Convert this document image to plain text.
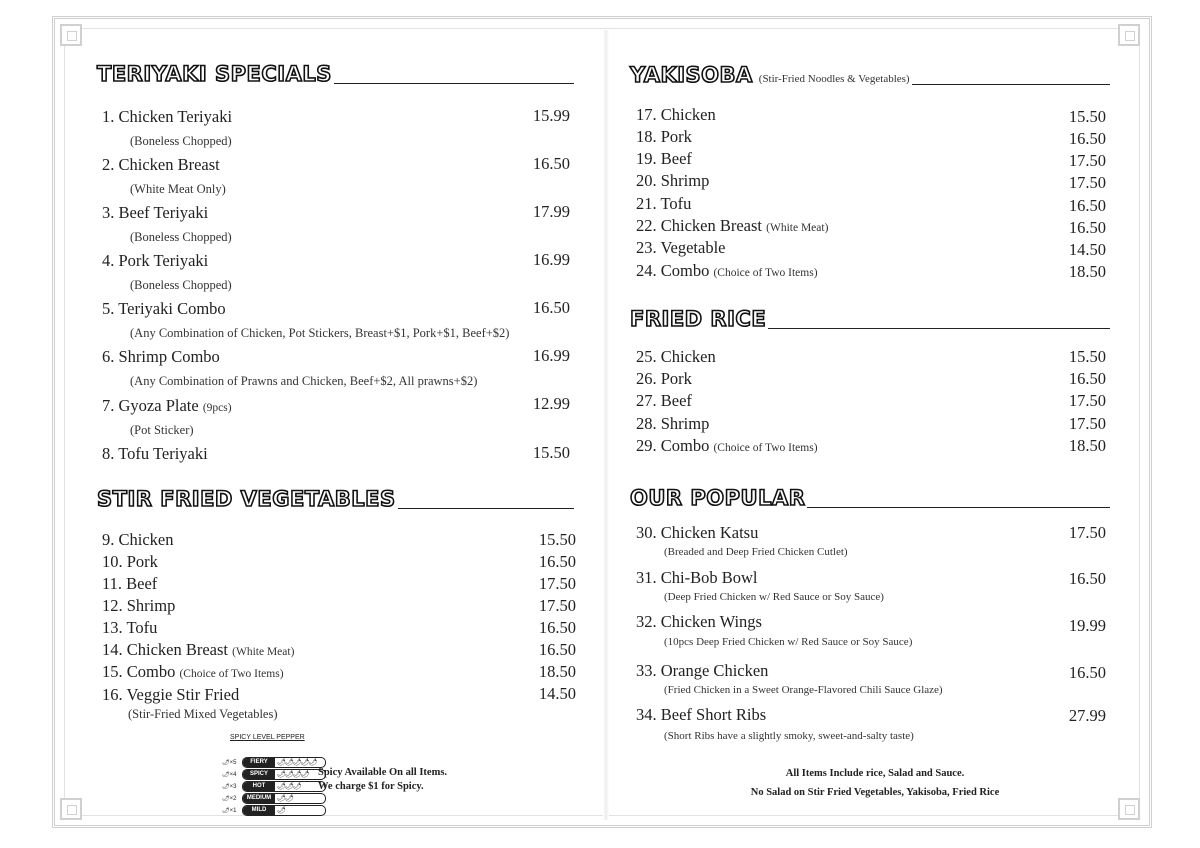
TERIYAKI SPECIALS
1. Chicken Teriyaki	15.99
(Boneless Chopped)
2. Chicken Breast	16.50
(White Meat Only)
3. Beef Teriyaki	17.99
(Boneless Chopped)
4. Pork Teriyaki	16.99
(Boneless Chopped)
5. Teriyaki Combo	16.50
(Any Combination of Chicken, Pot Stickers, Breast+$1, Pork+$1, Beef+$2)
6. Shrimp Combo	16.99
(Any Combination of Prawns and Chicken, Beef+$2, All prawns+$2)
7. Gyoza Plate (9pcs)	12.99
(Pot Sticker)
8. Tofu Teriyaki	15.50
STIR FRIED VEGETABLES
9. Chicken	15.50
10. Pork	16.50
11. Beef	17.50
12. Shrimp	17.50
13. Tofu	16.50
14. Chicken Breast (White Meat)	16.50
15. Combo (Choice of Two Items)	18.50
16. Veggie Stir Fried	14.50
(Stir-Fried Mixed Vegetables)
SPICY LEVEL PEPPER
🌶×5	FIERY	🌶🌶🌶🌶🌶
🌶×4	SPICY	🌶🌶🌶🌶
🌶×3	HOT	🌶🌶🌶
🌶×2	MEDIUM 🌶🌶
🌶×1	MILD	🌶
Spicy Available On all Items.
We charge $1 for Spicy.
YAKISOBA (Stir-Fried Noodles & Vegetables)
17. Chicken	15.50
18. Pork	16.50
19. Beef	17.50
20. Shrimp	17.50
21. Tofu	16.50
22. Chicken Breast (White Meat)	16.50
23. Vegetable	14.50
24. Combo (Choice of Two Items)	18.50
FRIED RICE
25. Chicken	15.50
26. Pork	16.50
27. Beef	17.50
28. Shrimp	17.50
29. Combo (Choice of Two Items)	18.50
OUR POPULAR
30. Chicken Katsu	17.50
(Breaded and Deep Fried Chicken Cutlet)
31. Chi-Bob Bowl	16.50
(Deep Fried Chicken w/ Red Sauce or Soy Sauce)
32. Chicken Wings	19.99
(10pcs Deep Fried Chicken w/ Red Sauce or Soy Sauce)
33. Orange Chicken	16.50
(Fried Chicken in a Sweet Orange-Flavored Chili Sauce Glaze)
34. Beef Short Ribs	27.99
(Short Ribs have a slightly smoky, sweet-and-salty taste)
All Items Include rice, Salad and Sauce.
No Salad on Stir Fried Vegetables, Yakisoba, Fried Rice
